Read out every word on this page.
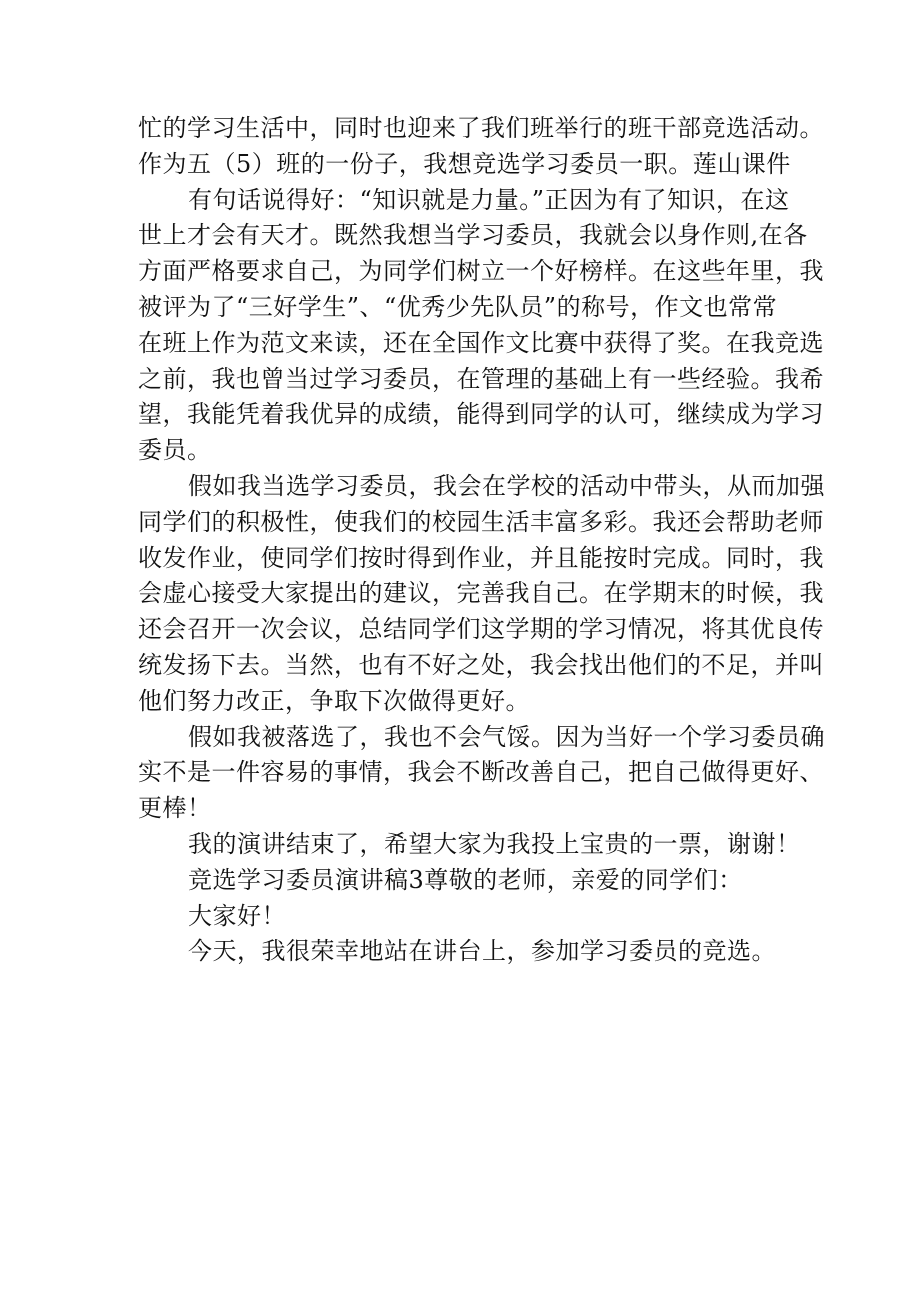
忙的学习生活中，同时也迎来了我们班举行的班干部竞选活动。
作为五（5）班的一份子，我想竞选学习委员一职。莲山课件
有句话说得好：“知识就是力量。”正因为有了知识，在这
世上才会有天才。既然我想当学习委员，我就会以身作则,在各
方面严格要求自己，为同学们树立一个好榜样。在这些年里，我
被评为了“三好学生”、“优秀少先队员”的称号，作文也常常
在班上作为范文来读，还在全国作文比赛中获得了奖。在我竞选
之前，我也曾当过学习委员，在管理的基础上有一些经验。我希
望，我能凭着我优异的成绩，能得到同学的认可，继续成为学习
委员。
假如我当选学习委员，我会在学校的活动中带头，从而加强
同学们的积极性，使我们的校园生活丰富多彩。我还会帮助老师
收发作业，使同学们按时得到作业，并且能按时完成。同时，我
会虚心接受大家提出的建议，完善我自己。在学期末的时候，我
还会召开一次会议，总结同学们这学期的学习情况，将其优良传
统发扬下去。当然，也有不好之处，我会找出他们的不足，并叫
他们努力改正，争取下次做得更好。
假如我被落选了，我也不会气馁。因为当好一个学习委员确
实不是一件容易的事情，我会不断改善自己，把自己做得更好、
更棒！
我的演讲结束了，希望大家为我投上宝贵的一票，谢谢！
竞选学习委员演讲稿3尊敬的老师，亲爱的同学们：
大家好！
今天，我很荣幸地站在讲台上，参加学习委员的竞选。
